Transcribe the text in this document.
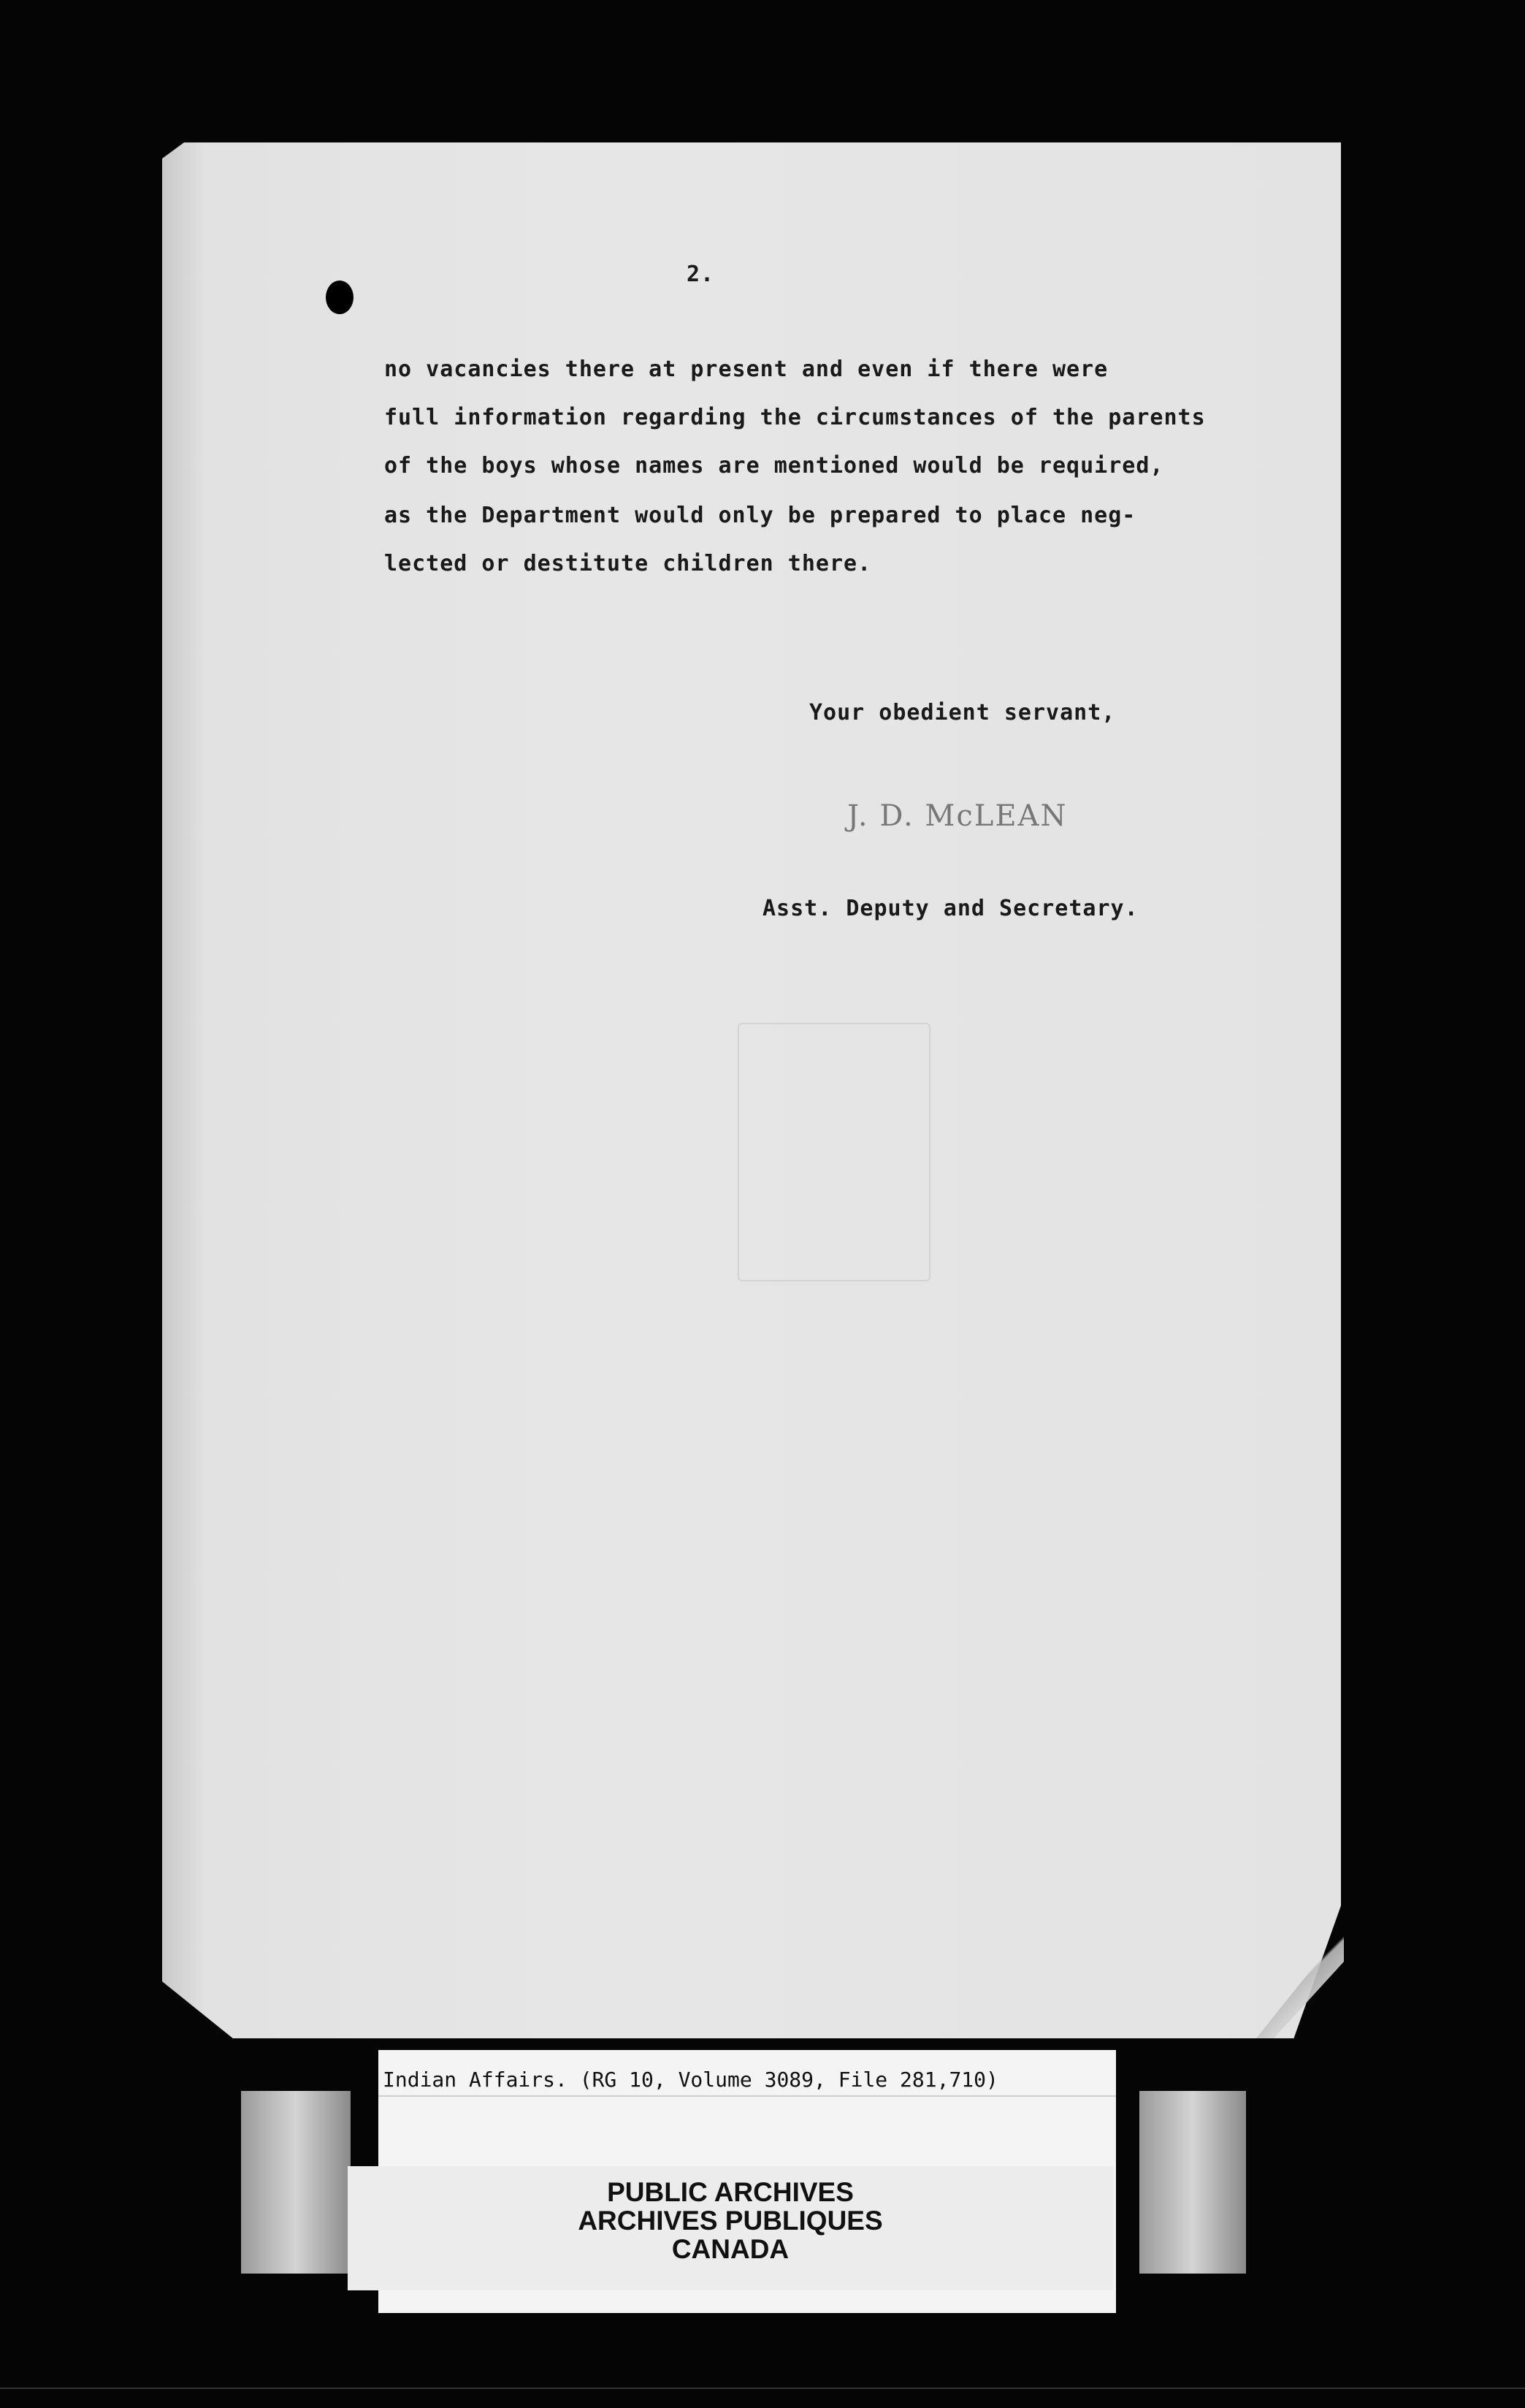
2.

no vacancies there at present and even if there were

full information regarding the circumstances of the parents

of the boys whose names are mentioned would be required,

as the Department would only be prepared to place neg-

lected or destitute children there.

Your obedient servant,

J. D. McLEAN

Asst. Deputy and Secretary.

Indian Affairs. (RG 10, Volume 3089, File 281,710)
PUBLIC ARCHIVES
ARCHIVES PUBLIQUES
CANADA
